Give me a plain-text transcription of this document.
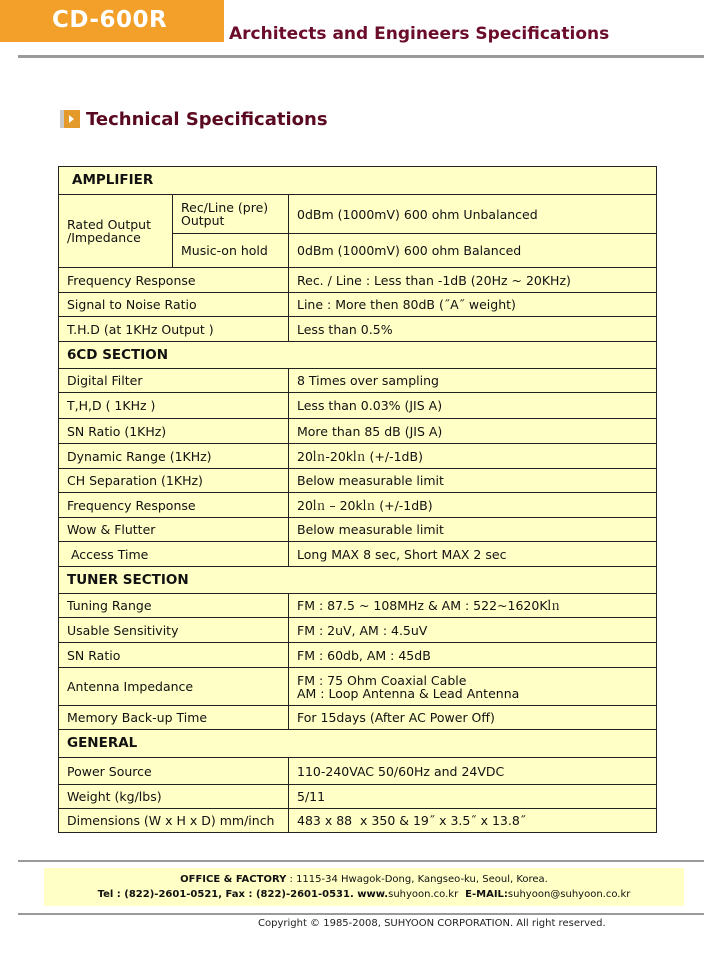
CD-600R
Architects and Engineers Specifications
Technical Specifications
AMPLIFIER		
Rated Output /Impedance	Rec/Line (pre) Output	0dBm (1000mV) 600 ohm Unbalanced
	Music-on hold	0dBm (1000mV) 600 ohm Balanced
Frequency Response		Rec. / Line : Less than -1dB (20Hz ~ 20KHz)
Signal to Noise Ratio		Line : More then 80dB (˝A˝ weight)
T.H.D (at 1KHz Output )		Less than 0.5%
6CD SECTION		
Digital Filter		8 Times over sampling
T,H,D ( 1KHz )		Less than 0.03% (JIS A)
SN Ratio (1KHz)		More than 85 dB (JIS A)
Dynamic Range (1KHz)		20㏑-20k㏑ (+/-1dB)
CH Separation (1KHz)		Below measurable limit
Frequency Response		20㏑ – 20k㏑ (+/-1dB)
Wow & Flutter		Below measurable limit
Access Time		Long MAX 8 sec, Short MAX 2 sec
TUNER SECTION		
Tuning Range		FM : 87.5 ~ 108MHz & AM : 522~1620K㏑
Usable Sensitivity		FM : 2uV, AM : 4.5uV
SN Ratio		FM : 60db, AM : 45dB
Antenna Impedance		FM : 75 Ohm Coaxial Cable
AM : Loop Antenna & Lead Antenna

Memory Back-up Time		For 15days (After AC Power Off)
GENERAL		
Power Source		110-240VAC 50/60Hz and 24VDC
Weight (kg/lbs)		5/11
Dimensions (W x H x D) mm/inch		483 x 88  x 350 & 19˝ x 3.5˝ x 13.8˝
OFFICE & FACTORY : 1115-34 Hwagok-Dong, Kangseo-ku, Seoul, Korea.
Tel : (822)-2601-0521, Fax : (822)-2601-0531. www.suhyoon.co.kr  E-MAIL:suhyoon@suhyoon.co.kr
Copyright © 1985-2008, SUHYOON CORPORATION. All right reserved.
